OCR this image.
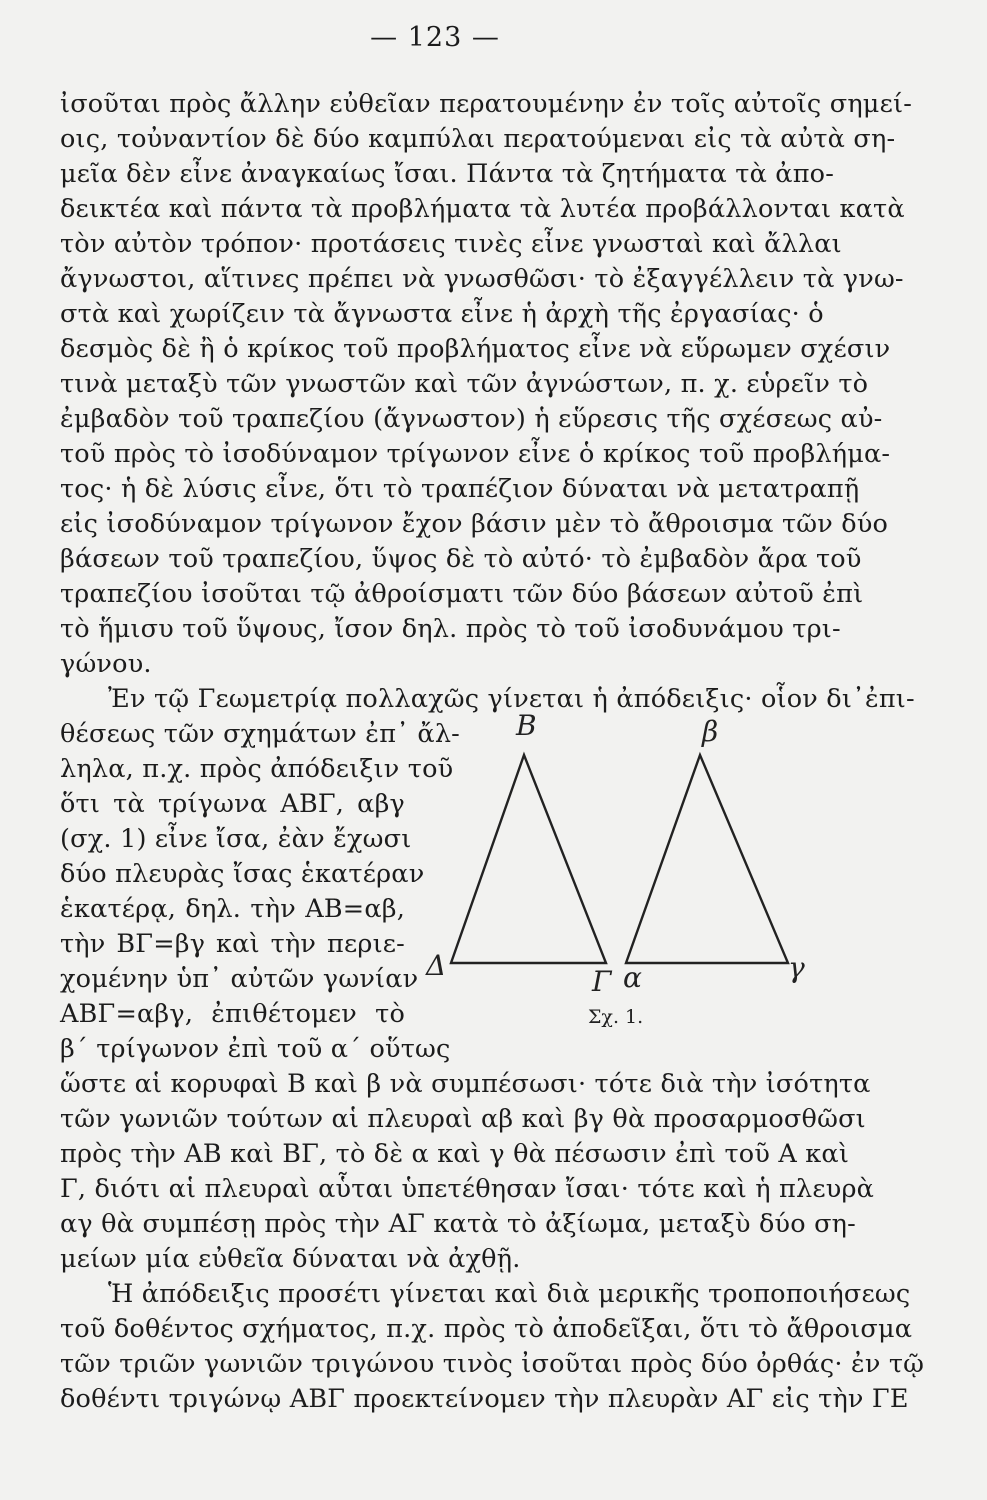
— 123 —
ἰσοῦται πρὸς ἄλλην εὐθεῖαν περατουμένην ἐν τοῖς αὐτοῖς σημεί-
οις, τοὐναντίον δὲ δύο καμπύλαι περατούμεναι εἰς τὰ αὐτὰ ση-
μεῖα δὲν εἶνε ἀναγκαίως ἴσαι. Πάντα τὰ ζητήματα τὰ ἀπο-
δεικτέα καὶ πάντα τὰ προβλήματα τὰ λυτέα προβάλλονται κατὰ
τὸν αὐτὸν τρόπον· προτάσεις τινὲς εἶνε γνωσταὶ καὶ ἄλλαι
ἄγνωστοι, αἵτινες πρέπει νὰ γνωσθῶσι· τὸ ἐξαγγέλλειν τὰ γνω-
στὰ καὶ χωρίζειν τὰ ἄγνωστα εἶνε ἡ ἀρχὴ τῆς ἐργασίας· ὁ
δεσμὸς δὲ ἢ ὁ κρίκος τοῦ προβλήματος εἶνε νὰ εὕρωμεν σχέσιν
τινὰ μεταξὺ τῶν γνωστῶν καὶ τῶν ἀγνώστων, π. χ. εὑρεῖν τὸ
ἐμβαδὸν τοῦ τραπεζίου (ἄγνωστον) ἡ εὕρεσις τῆς σχέσεως αὐ-
τοῦ πρὸς τὸ ἰσοδύναμον τρίγωνον εἶνε ὁ κρίκος τοῦ προβλήμα-
τος· ἡ δὲ λύσις εἶνε, ὅτι τὸ τραπέζιον δύναται νὰ μετατραπῇ
εἰς ἰσοδύναμον τρίγωνον ἔχον βάσιν μὲν τὸ ἄθροισμα τῶν δύο
βάσεων τοῦ τραπεζίου, ὕψος δὲ τὸ αὐτό· τὸ ἐμβαδὸν ἄρα τοῦ
τραπεζίου ἰσοῦται τῷ ἀθροίσματι τῶν δύο βάσεων αὐτοῦ ἐπὶ
τὸ ἥμισυ τοῦ ὕψους, ἴσον δηλ. πρὸς τὸ τοῦ ἰσοδυνάμου τρι-
γώνου.
Ἐν τῷ Γεωμετρίᾳ πολλαχῶς γίνεται ἡ ἀπόδειξις· οἷον δι᾽ἐπι-
θέσεως τῶν σχημάτων ἐπ᾽ ἄλ-
ληλα, π.χ. πρὸς ἀπόδειξιν τοῦ
ὅτι τὰ τρίγωνα ΑΒΓ, αβγ
(σχ. 1) εἶνε ἴσα, ἐὰν ἔχωσι
δύο πλευρὰς ἴσας ἑκατέραν
ἑκατέρᾳ, δηλ. τὴν ΑΒ=αβ,
τὴν ΒΓ=βγ καὶ τὴν περιε-
χομένην ὑπ᾽ αὐτῶν γωνίαν
ΑΒΓ=αβγ, ἐπιθέτομεν τὸ
β΄ τρίγωνον ἐπὶ τοῦ α΄ οὕτως
ὥστε αἱ κορυφαὶ Β καὶ β νὰ συμπέσωσι· τότε διὰ τὴν ἰσότητα
τῶν γωνιῶν τούτων αἱ πλευραὶ αβ καὶ βγ θὰ προσαρμοσθῶσι
πρὸς τὴν ΑΒ καὶ ΒΓ, τὸ δὲ α καὶ γ θὰ πέσωσιν ἐπὶ τοῦ Α καὶ
Γ, διότι αἱ πλευραὶ αὗται ὑπετέθησαν ἴσαι· τότε καὶ ἡ πλευρὰ
αγ θὰ συμπέσῃ πρὸς τὴν ΑΓ κατὰ τὸ ἀξίωμα, μεταξὺ δύο ση-
μείων μία εὐθεῖα δύναται νὰ ἀχθῇ.
Ἡ ἀπόδειξις προσέτι γίνεται καὶ διὰ μερικῆς τροποποιήσεως
τοῦ δοθέντος σχήματος, π.χ. πρὸς τὸ ἀποδεῖξαι, ὅτι τὸ ἄθροισμα
τῶν τριῶν γωνιῶν τριγώνου τινὸς ἰσοῦται πρὸς δύο ὀρθάς· ἐν τῷ
δοθέντι τριγώνῳ ΑΒΓ προεκτείνομεν τὴν πλευρὰν ΑΓ εἰς τὴν ΓΕ
Β	β
Δ	Γ α	γ
Σχ. 1.
